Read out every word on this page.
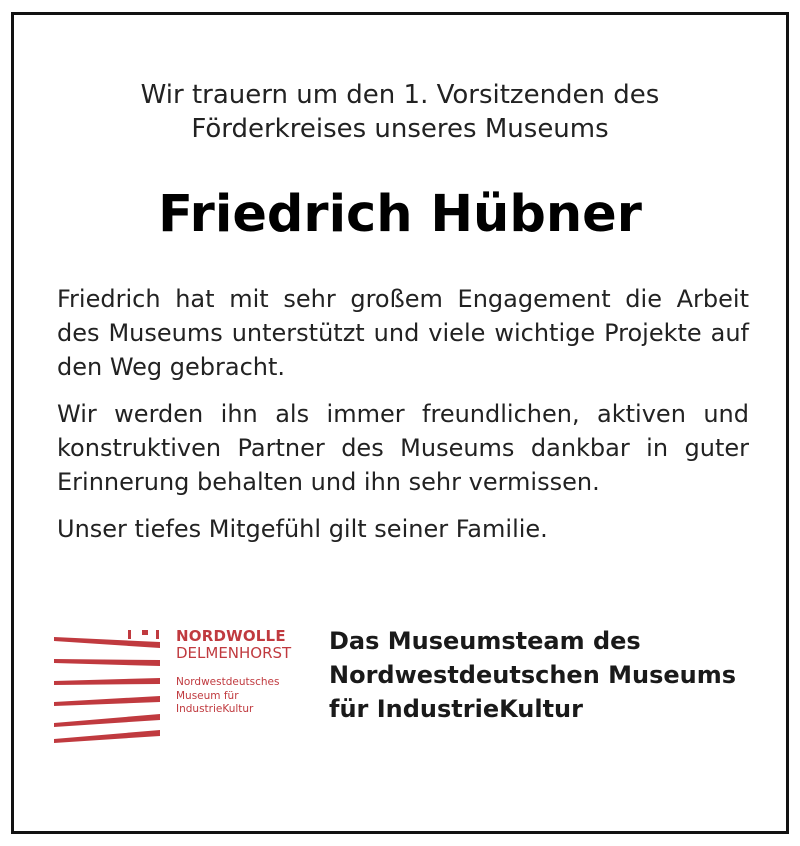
Wir trauern um den 1. Vorsitzenden des
Förderkreises unseres Museums
Friedrich Hübner

Friedrich hat mit sehr großem Engagement die Arbeit des Museums unterstützt und viele wichtige Projekte auf den Weg gebracht.

Wir werden ihn als immer freundlichen, aktiven und konstruktiven Partner des Museums dankbar in guter Erinnerung behalten und ihn sehr vermissen.

Unser tiefes Mitgefühl gilt seiner Familie.

NORDWOLLE
DELMENHORST
Nordwestdeutsches
Museum für
IndustrieKultur
Das Museumsteam des
Nordwestdeutschen Museums
für IndustrieKultur
